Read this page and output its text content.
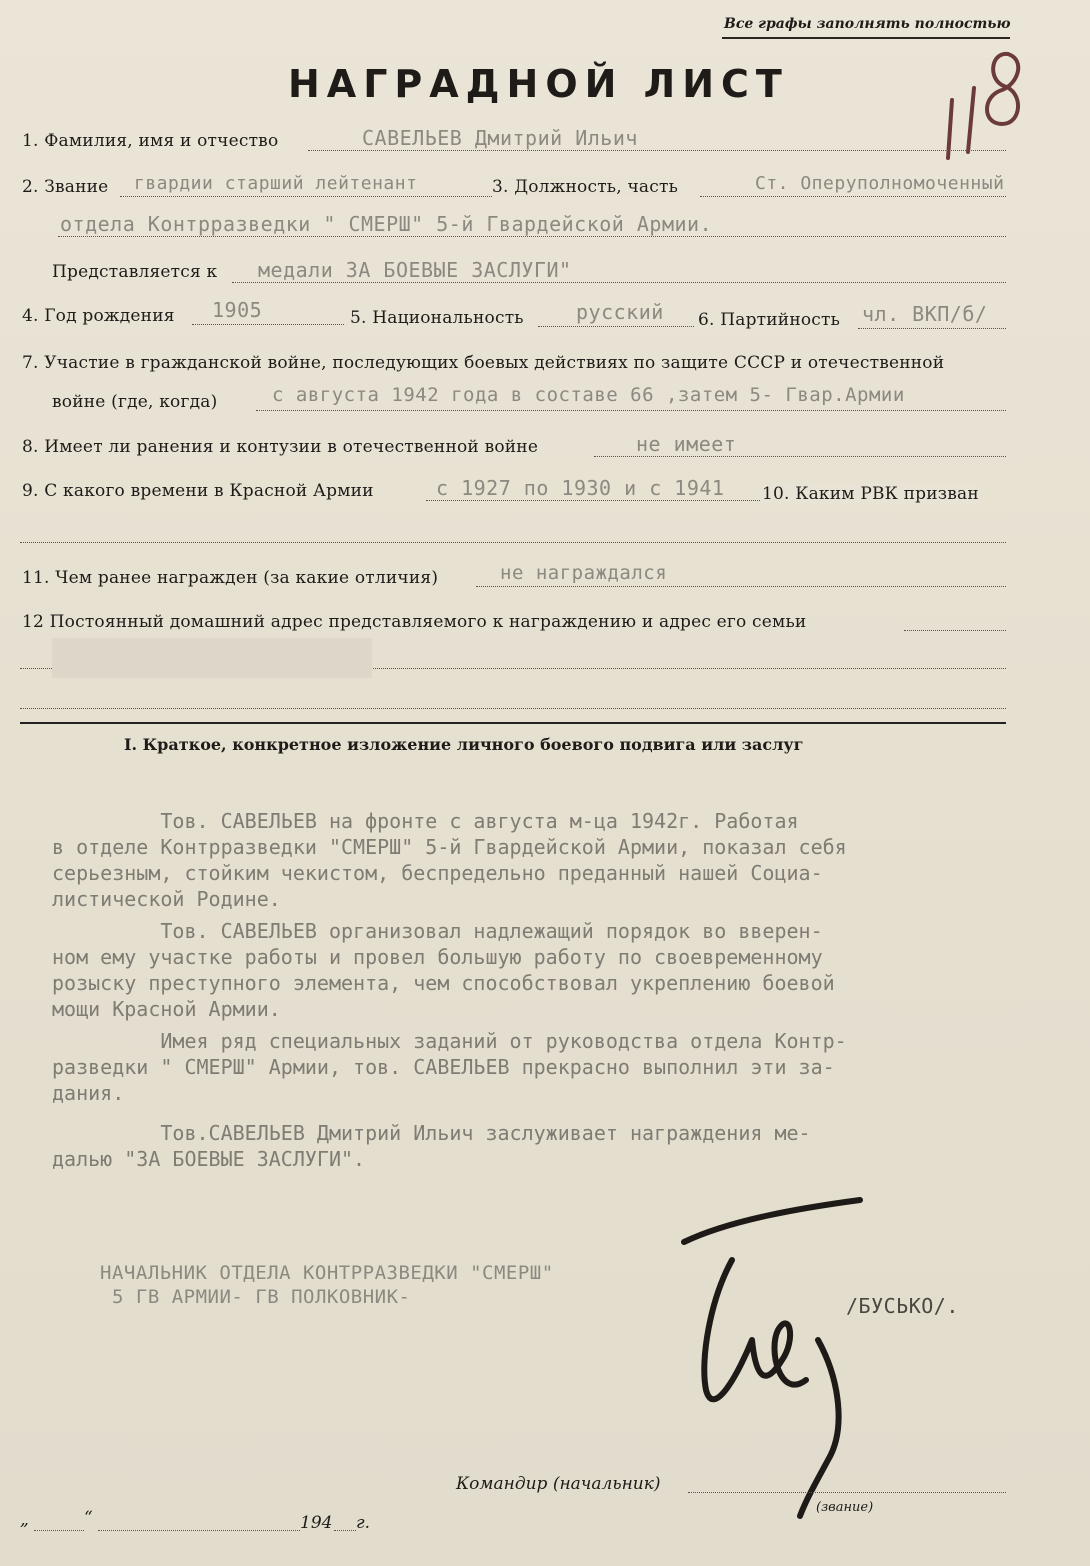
Все графы заполнять полностью
НАГРАДНОЙ ЛИСТ
1. Фамилия, имя и отчество	САВЕЛЬЕВ Дмитрий Ильич
2. Звание гвардии старший лейтенант	3. Должность, часть	Ст. Оперуполномоченный
отдела Контрразведки " СМЕРШ" 5-й Гвардейской Армии.
Представляется к медали ЗА БОЕВЫЕ ЗАСЛУГИ"
4. Год рождения 1905	5. Национальность	русский 6. Партийность чл. ВКП/б/
7. Участие в гражданской войне, последующих боевых действиях по защите СССР и отечественной
войне (где, когда)	с августа 1942 года в составе 66 ,затем 5- Гвар.Армии
8. Имеет ли ранения и контузии в отечественной войне	не имеет
9. С какого времени в Красной Армии	с 1927 по 1930 и с 1941 10. Каким РВК призван
11. Чем ранее награжден (за какие отличия)	не награждался
12 Постоянный домашний адрес представляемого к награждению и адрес его семьи
I. Краткое, конкретное изложение личного боевого подвига или заслуг
Тов. САВЕЛЬЕВ на фронте с августа м-ца 1942г. Работая
в отделе Контрразведки "СМЕРШ" 5-й Гвардейской Армии, показал себя
серьезным, стойким чекистом, беспредельно преданный нашей Социа-
листической Родине.
Тов. САВЕЛЬЕВ организовал надлежащий порядок во вверен-
ном ему участке работы и провел большую работу по своевременному
розыску преступного элемента, чем способствовал укреплению боевой
мощи Красной Армии.
Имея ряд специальных заданий от руководства отдела Контр-
разведки " СМЕРШ" Армии, тов. САВЕЛЬЕВ прекрасно выполнил эти за-
дания.
Тов.САВЕЛЬЕВ Дмитрий Ильич заслуживает награждения ме-
далью "ЗА БОЕВЫЕ ЗАСЛУГИ".
НАЧАЛЬНИК ОТДЕЛА КОНТРРАЗВЕДКИ "СМЕРШ"
5 ГВ АРМИИ- ГВ ПОЛКОВНИК-	/БУСЬКО/.
Командир (начальник)
(звание)
„	“	194 г.
